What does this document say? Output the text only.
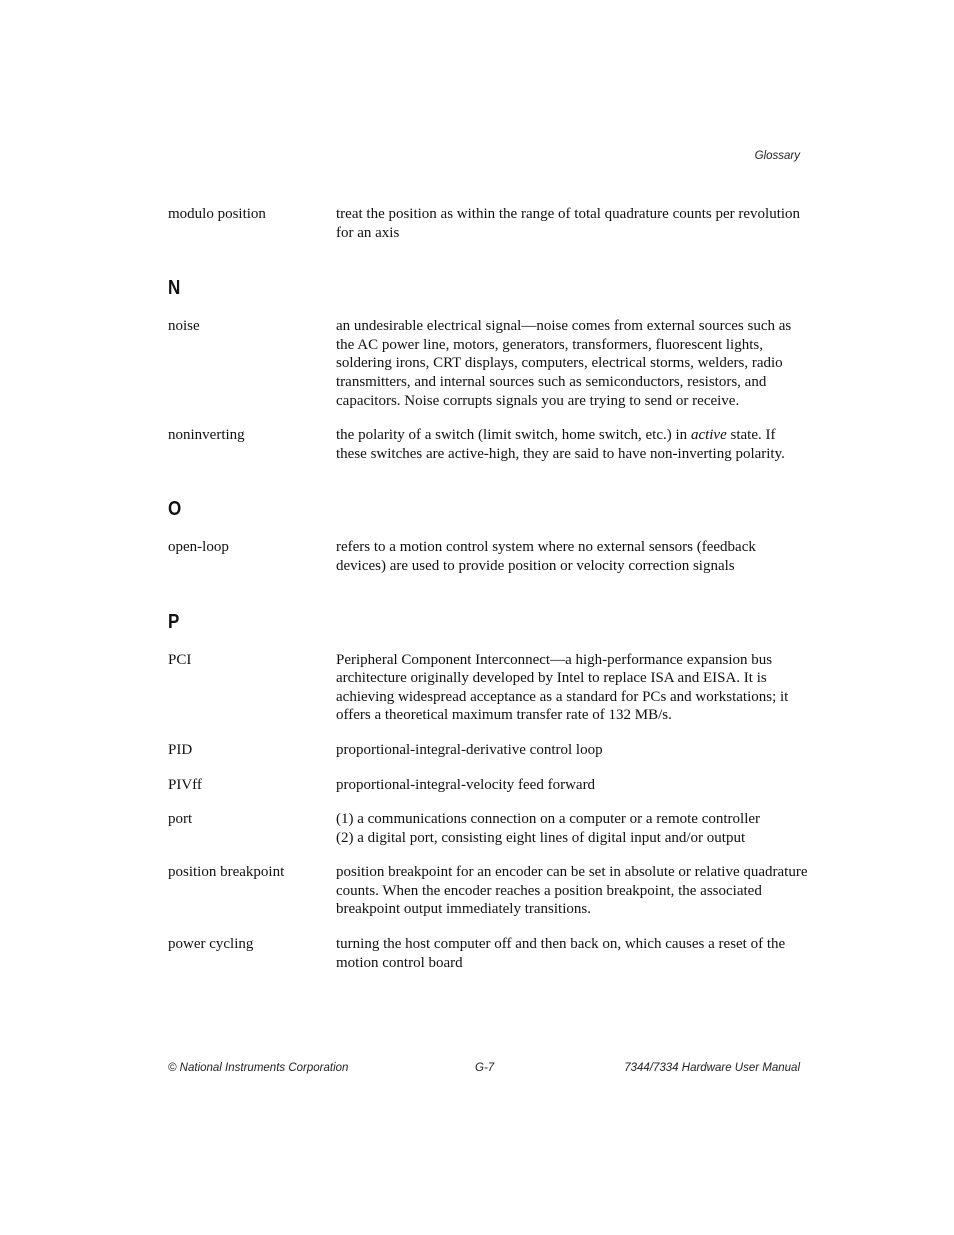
Glossary
modulo position	treat the position as within the range of total quadrature counts per revolution for an axis
N
noise	an undesirable electrical signal—noise comes from external sources such as the AC power line, motors, generators, transformers, fluorescent lights, soldering irons, CRT displays, computers, electrical storms, welders, radio transmitters, and internal sources such as semiconductors, resistors, and capacitors. Noise corrupts signals you are trying to send or receive.
noninverting	the polarity of a switch (limit switch, home switch, etc.) in active state. If these switches are active-high, they are said to have non-inverting polarity.
O
open-loop	refers to a motion control system where no external sensors (feedback devices) are used to provide position or velocity correction signals
P
PCI	Peripheral Component Interconnect—a high-performance expansion bus architecture originally developed by Intel to replace ISA and EISA. It is achieving widespread acceptance as a standard for PCs and workstations; it offers a theoretical maximum transfer rate of 132 MB/s.
PID	proportional-integral-derivative control loop
PIVff	proportional-integral-velocity feed forward
port	(1) a communications connection on a computer or a remote controller
(2) a digital port, consisting eight lines of digital input and/or output
position breakpoint	position breakpoint for an encoder can be set in absolute or relative quadrature counts. When the encoder reaches a position breakpoint, the associated breakpoint output immediately transitions.
power cycling	turning the host computer off and then back on, which causes a reset of the motion control board
© National Instruments Corporation	G-7	7344/7334 Hardware User Manual
